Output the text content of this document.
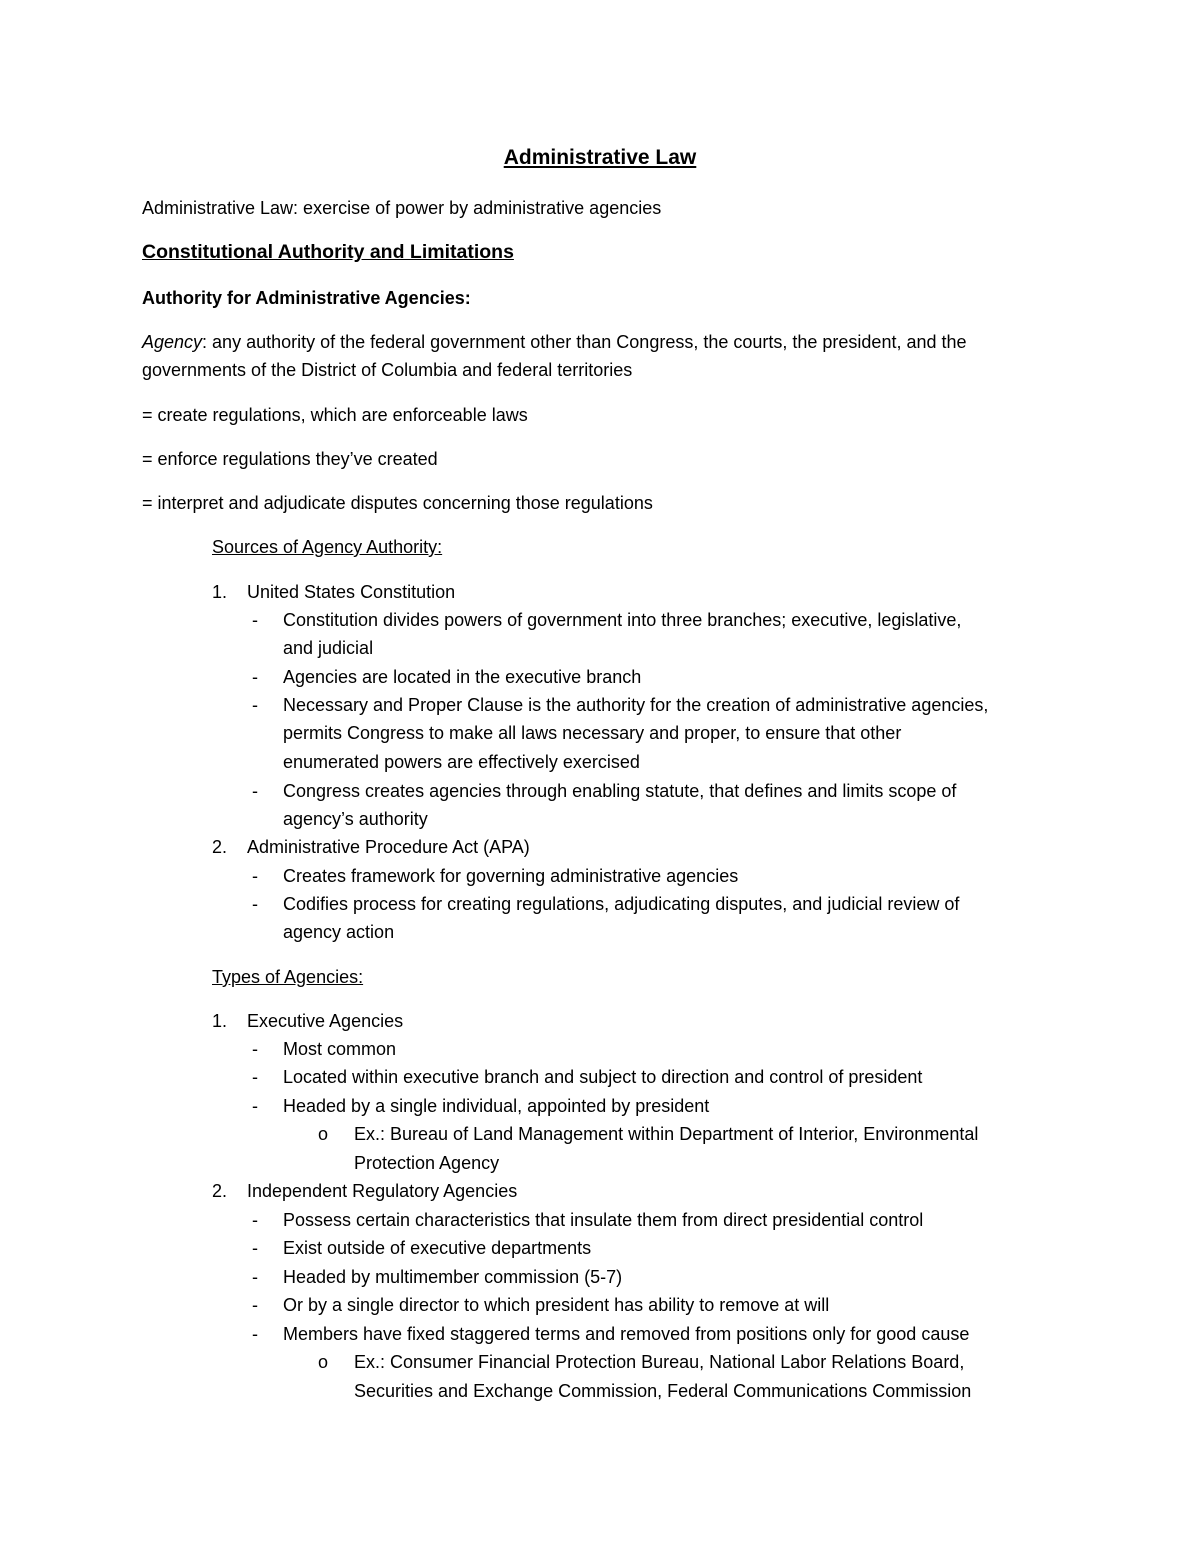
Administrative Law
Administrative Law: exercise of power by administrative agencies
Constitutional Authority and Limitations
Authority for Administrative Agencies:
Agency: any authority of the federal government other than Congress, the courts, the president, and the
governments of the District of Columbia and federal territories
= create regulations, which are enforceable laws
= enforce regulations they’ve created
= interpret and adjudicate disputes concerning those regulations
Sources of Agency Authority:
1.	United States Constitution
-	Constitution divides powers of government into three branches; executive, legislative,
and judicial
-	Agencies are located in the executive branch
-	Necessary and Proper Clause is the authority for the creation of administrative agencies,
permits Congress to make all laws necessary and proper, to ensure that other
enumerated powers are effectively exercised
-	Congress creates agencies through enabling statute, that defines and limits scope of
agency’s authority
2.	Administrative Procedure Act (APA)
-	Creates framework for governing administrative agencies
-	Codifies process for creating regulations, adjudicating disputes, and judicial review of
agency action
Types of Agencies:
1.	Executive Agencies
-	Most common
-	Located within executive branch and subject to direction and control of president
-	Headed by a single individual, appointed by president
o Ex.: Bureau of Land Management within Department of Interior, Environmental
Protection Agency
2.	Independent Regulatory Agencies
-	Possess certain characteristics that insulate them from direct presidential control
-	Exist outside of executive departments
-	Headed by multimember commission (5-7)
-	Or by a single director to which president has ability to remove at will
-	Members have fixed staggered terms and removed from positions only for good cause
o Ex.: Consumer Financial Protection Bureau, National Labor Relations Board,
Securities and Exchange Commission, Federal Communications Commission
